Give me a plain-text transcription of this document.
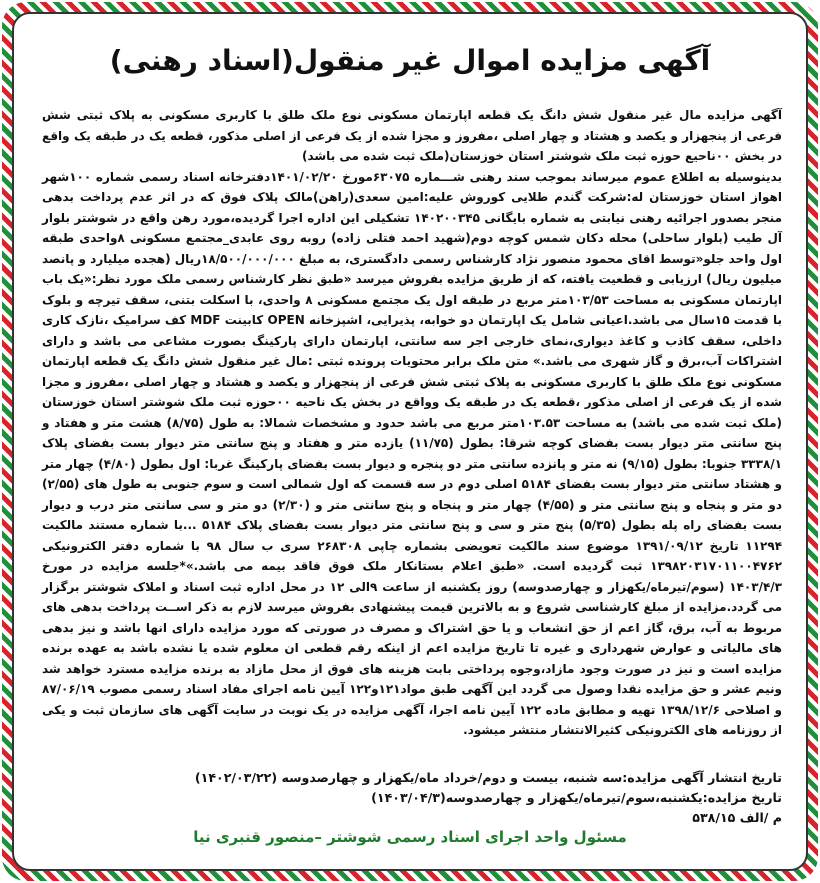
آگهی مزایده اموال غیر منقول(اسناد رهنی)

آگهی مزایده مال غیر منقول شش دانگ یک قطعه اپارتمان مسکونی نوع ملک طلق با کاربری مسکونی به پلاک ثبتی شش فرعی از پنجهزار و یکصد و هشتاد و چهار اصلی ،مفروز و مجزا شده از یک فرعی از اصلی مذکور، قطعه یک در طبقه یک واقع در بخش ۰۰ناحیع حوزه ثبت ملک شوشتر استان خوزستان(ملک ثبت شده می باشد)

بدینوسیله به اطلاع عموم میرساند بموجب سند رهنی شـــماره ۶۳۰۷۵مورخ ۱۴۰۱/۰۲/۲۰دفترخانه اسناد رسمی شماره ۱۰۰شهر اهواز استان خوزستان له:شرکت گندم طلایی کوروش علیه:امین سعدی(راهن)مالک پلاک فوق که در اثر عدم پرداخت بدهی منجر بصدور اجرائیه رهنی نیابتی به شماره بایگانی ۱۴۰۲۰۰۳۴۵ تشکیلی این اداره اجرا گردیده،مورد رهن واقع در شوشتر بلوار آل طیب (بلوار ساحلی) محله دکان شمس کوچه دوم(شهید احمد فتلی زاده) روبه روی عابدی_مجتمع مسکونی ۸واحدی طبقه اول واحد جلو«توسط اقای محمود منصور نژاد کارشناس رسمی دادگستری، به مبلغ ۱۸/۵۰۰/۰۰۰/۰۰۰ریال (هجده میلیارد و پانصد میلیون ریال) ارزیابی و قطعیت یافته، که از طریق مزایده بفروش میرسد «طبق نظر کارشناس رسمی ملک مورد نظر:«یک باب اپارتمان مسکونی به مساحت ۱۰۳/۵۳متر مربع در طبقه اول یک مجتمع مسکونی ۸ واحدی، با اسکلت بتنی، سقف تیرچه و بلوک با قدمت ۱۵سال می باشد.اعیانی شامل یک اپارتمان دو خوابه، پذیرایی، اشپزخانه OPEN کابینت MDF کف سرامیک ،نازک کاری داخلی، سقف کاذب و کاغذ دیواری،نمای خارجی اجر سه سانتی، اپارتمان دارای پارکینگ بصورت مشاعی می باشد و دارای اشتراکات آب،برق و گاز شهری می باشد.» متن ملک برابر محتویات پرونده ثبتی :مال غیر منقول شش دانگ یک قطعه اپارتمان مسکونی نوع ملک طلق با کاربری مسکونی به پلاک ثبتی شش فرعی از پنجهزار و یکصد و هشتاد و چهار اصلی ،مفروز و مجزا شده از یک فرعی از اصلی مذکور ،قطعه یک در طبقه یک وواقع در بخش یک ناحیه ۰۰حوزه ثبت ملک شوشتر استان خوزستان (ملک ثبت شده می باشد) به مساحت ۱۰۳.۵۳متر مربع می باشد حدود و مشخصات شمالا: به طول (۸/۷۵) هشت متر و هفتاد و پنج سانتی متر دیوار بست بفضای کوچه شرقا: بطول (۱۱/۷۵) یازده متر و هفتاد و پنج سانتی متر دیوار بست بفضای پلاک ۳۳۳۸/۱ جنوبا: بطول (۹/۱۵) نه متر و پانزده سانتی متر دو پنجره و دیوار بست بفضای پارکینگ غربا: اول بطول (۴/۸۰) چهار متر و هشتاد سانتی متر دیوار بست بفضای ۵۱۸۴ اصلی دوم در سه قسمت که اول شمالی است و سوم جنوبی به طول های (۲/۵۵) دو متر و پنجاه و پنج سانتی متر و (۴/۵۵) چهار متر و پنجاه و پنج سانتی متر و (۲/۳۰) دو متر و سی سانتی متر درب و دیوار بست بفضای راه پله بطول (۵/۳۵) پنج متر و سی و پنج سانتی متر دیوار بست بفضای پلاک ۵۱۸۴ ...با شماره مستند مالکیت ۱۱۲۹۴ تاریخ ۱۳۹۱/۰۹/۱۲ موضوع سند مالکیت تعویضی بشماره چاپی ۲۶۸۳۰۸ سری ب سال ۹۸ با شماره دفتر الکترونیکی ۱۳۹۸۲۰۳۱۷۰۱۱۰۰۴۷۶۲ ثبت گردیده است. «طبق اعلام بستانکار ملک فوق فاقد بیمه می باشد.»*جلسه مزایده در مورخ ۱۴۰۳/۴/۳ (سوم/تیرماه/یکهزار و چهارصدوسه) روز یکشنبه از ساعت ۹الی ۱۲ در محل اداره ثبت اسناد و املاک شوشتر برگزار می گردد.مزایده از مبلغ کارشناسی شروع و به بالاترین قیمت پیشنهادی بفروش میرسد لازم به ذکر اســت پرداخت بدهی های مربوط به آب، برق، گاز اعم از حق انشعاب و یا حق اشتراک و مصرف در صورتی که مورد مزایده دارای انها باشد و نیز بدهی های مالیاتی و عوارض شهرداری و غیره تا تاریخ مزایده اعم از اینکه رقم قطعی ان معلوم شده یا نشده باشد به عهده برنده مزایده است و نیز در صورت وجود مازاد،وجوه پرداختی بابت هزینه های فوق از محل مازاد به برنده مزایده مسترد خواهد شد ونیم عشر و حق مزایده نقدا وصول می گردد این آگهی طبق مواد۱۲۱و۱۲۲ آیین نامه اجرای مفاد اسناد رسمی مصوب ۸۷/۰۶/۱۹ و اصلاحی ۱۳۹۸/۱۲/۶ تهیه و مطابق ماده ۱۲۲ آیین نامه اجرا، آگهی مزایده در یک نوبت در سایت آگهی های سازمان ثبت و یکی از روزنامه های الکترونیکی کثیرالانتشار منتشر میشود.

تاریخ انتشار آگهی مزایده:سه شنبه، بیست و دوم/خرداد ماه/یکهزار و چهارصدوسه (۱۴۰۲/۰۳/۲۲)
تاریخ مزایده:یکشنبه،سوم/تیرماه/یکهزار و چهارصدوسه(۱۴۰۳/۰۴/۳)
م /الف ۵۳۸/۱۵
مسئول واحد اجرای اسناد رسمی شوشتر –منصور قنبری نیا
